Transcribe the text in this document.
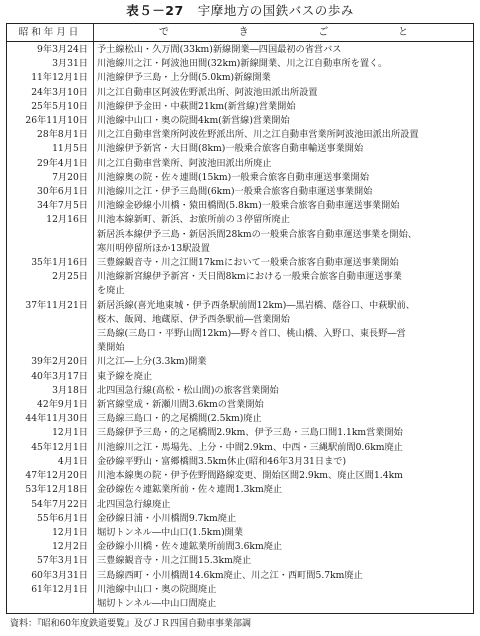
表５－27 宇摩地方の国鉄バスの歩み
昭和年月日	で	き	ご	と
9年3月24日 予土線松山・久万間(33km)新線開業―四国最初の省営バス
3月31日 川池線川之江・阿波池田間(32km)新線開業、川之江自動車所を置く。
11年12月1日 川池線伊予三島・上分間(5.0km)新線開業
24年3月10日 川之江自動車区阿波佐野派出所、阿波池田派出所設置
25年5月10日 川池線伊予金田・中萩間21km(新営線)営業開始
26年11月10日 川池線中山口・奥の院間4km(新営線)営業開始
28年8月1日 川之江自動車営業所阿波佐野派出所、川之江自動車営業所阿波池田派出所設置
11月5日 川池線伊予新宮・大日間(8km)一般乗合旅客自動車輸送事業開始
29年4月1日 川之江自動車営業所、阿波池田派出所廃止
7月20日 川池線奥の院・佐々連間(15km)一般乗合旅客自動車運送事業開始
30年6月1日 川池線川之江・伊予三島間(6km)一般乗合旅客自動車運送事業開始
34年7月5日 川池線金砂線小川橋・猿田橋間(5.8km)一般乗合旅客自動車運送事業開始
12月16日 川池本線新町、新浜、お旅所前の３停留所廃止
新居浜本線伊予三島・新居浜間28kmの一般乗合旅客自動車運送事業を開始、
寒川明停留所ほか13駅設置
35年1月16日 三豊線観音寺・川之江間17kmにおいて一般乗合旅客自動車運送事業開始
2月25日 川池線新宮線伊予新宮・天日間8kmにおける一般乗合旅客自動車運送事業
を廃止
37年11月21日 新居浜線(喜光地東城・伊予西条駅前間12km)―黒岩橋、蔭谷口、中萩駅前、
桜木、飯岡、地蔵原、伊予西条駅前―営業開始
三島線(三島口・平野山間12km)―野々首口、桃山橋、入野口、東長野―営
業開始
39年2月20日 川之江―上分(3.3km)開業
40年3月17日 東予線を廃止
3月18日 北四国急行線(高松・松山間)の旅客営業開始
42年9月1日 新宮線堂成・新瀬川間3.6kmの営業開始
44年11月30日 三島線三島口・的之尾橋間(2.5km)廃止
12月1日 三島線伊予三島・的之尾橋間2.9km、伊予三島・三島口間1.1km営業開始
45年12月1日 川池線川之江・馬場先、上分・中間2.9km、中西・三縄駅前間0.6km廃止
4月1日 金砂線平野山・富郷橋間3.5km休止(昭和46年3月31日まで)
47年12月20日 川池本線奥の院・伊予佐野間路線変更、開始区間2.9km、廃止区間1.4km
53年12月18日 金砂線佐々連鉱業所前・佐々連間1.3km廃止
54年7月22日 北四国急行線廃止
55年6月1日 金砂線日浦・小川橋間9.7km廃止
12月1日 堀切トンネル―中山口(1.5km)開業
12月2日 金砂線小川橋・佐々連鉱業所前間3.6km廃止
57年3月1日 三豊線観音寺・川之江間15.3km廃止
60年3月31日 三島線西町・小川橋間14.6km廃止、川之江・西町間5.7km廃止
61年12月1日 川池線中山口・奥の院間廃止
堀切トンネル―中山口間廃止
資料：『昭和60年度鉄道要覧』及びＪＲ四国自動車事業部調
